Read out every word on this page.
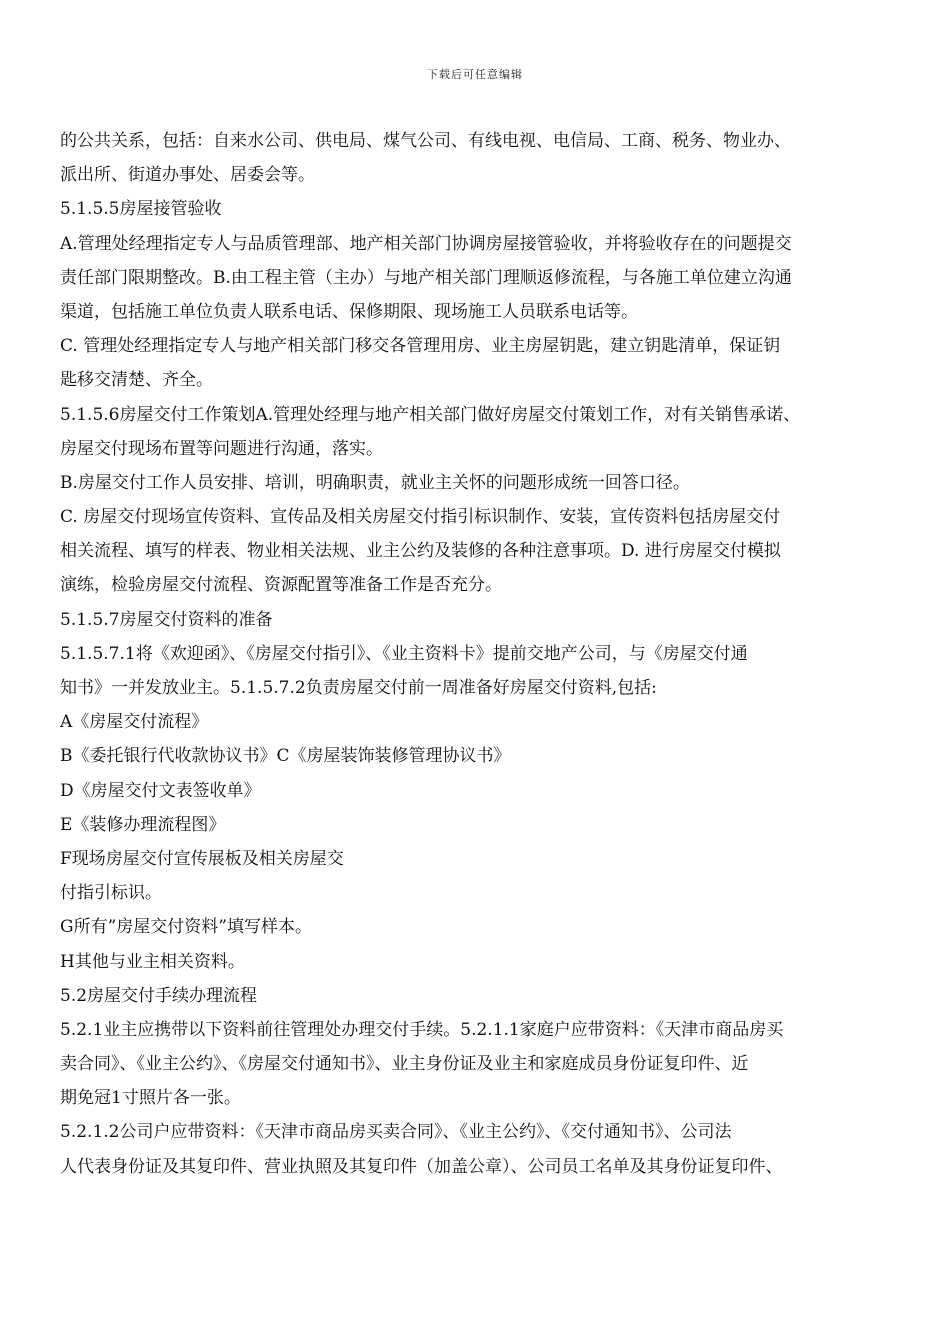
下载后可任意编辑
的公共关系，包括：自来水公司、供电局、煤气公司、有线电视、电信局、工商、税务、物业办、
派出所、街道办事处、居委会等。
5.1.5.5房屋接管验收
A.管理处经理指定专人与品质管理部、地产相关部门协调房屋接管验收，并将验收存在的问题提交
责任部门限期整改。B.由工程主管（主办）与地产相关部门理顺返修流程，与各施工单位建立沟通
渠道，包括施工单位负责人联系电话、保修期限、现场施工人员联系电话等。
C. 管理处经理指定专人与地产相关部门移交各管理用房、业主房屋钥匙，建立钥匙清单，保证钥
匙移交清楚、齐全。
5.1.5.6房屋交付工作策划A.管理处经理与地产相关部门做好房屋交付策划工作，对有关销售承诺、
房屋交付现场布置等问题进行沟通，落实。
B.房屋交付工作人员安排、培训，明确职责，就业主关怀的问题形成统一回答口径。
C. 房屋交付现场宣传资料、宣传品及相关房屋交付指引标识制作、安装，宣传资料包括房屋交付
相关流程、填写的样表、物业相关法规、业主公约及装修的各种注意事项。D. 进行房屋交付模拟
演练，检验房屋交付流程、资源配置等准备工作是否充分。
5.1.5.7房屋交付资料的准备
5.1.5.7.1将《欢迎函》、《房屋交付指引》、《业主资料卡》提前交地产公司，与《房屋交付通
知书》一并发放业主。5.1.5.7.2负责房屋交付前一周准备好房屋交付资料,包括:
A《房屋交付流程》
B《委托银行代收款协议书》C《房屋装饰装修管理协议书》
D《房屋交付文表签收单》
E《装修办理流程图》
F现场房屋交付宣传展板及相关房屋交
付指引标识。
G所有”房屋交付资料”填写样本。
H其他与业主相关资料。
5.2房屋交付手续办理流程
5.2.1业主应携带以下资料前往管理处办理交付手续。5.2.1.1家庭户应带资料：《天津市商品房买
卖合同》、《业主公约》、《房屋交付通知书》、业主身份证及业主和家庭成员身份证复印件、近
期免冠1寸照片各一张。
5.2.1.2公司户应带资料：《天津市商品房买卖合同》、《业主公约》、《交付通知书》、公司法
人代表身份证及其复印件、营业执照及其复印件（加盖公章）、公司员工名单及其身份证复印件、
